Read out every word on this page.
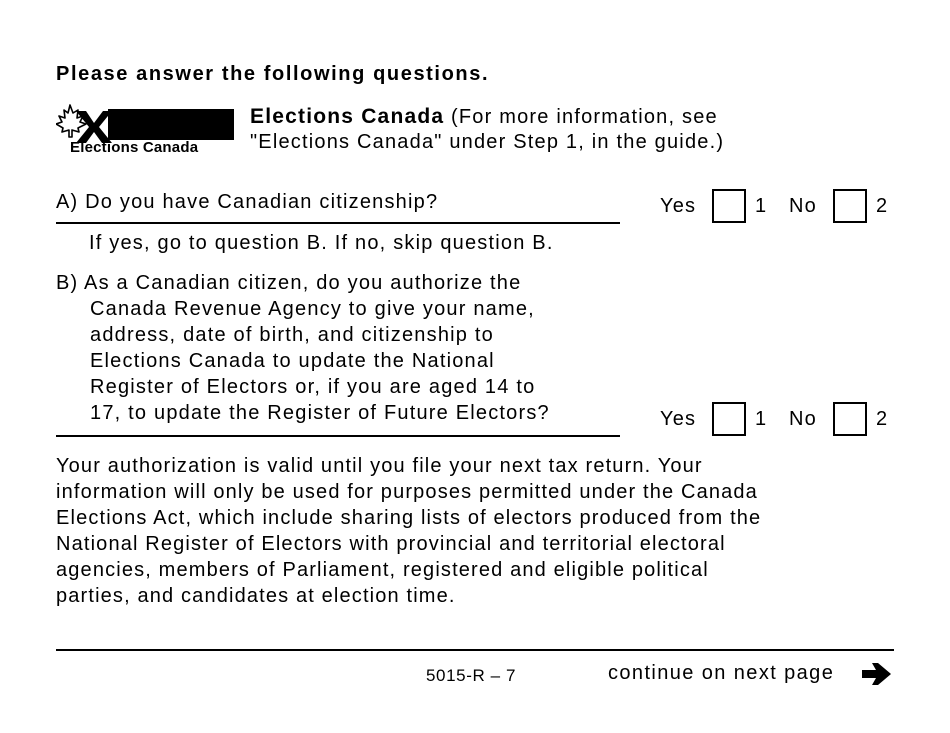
Please answer the following questions.
Elections Canada
Elections Canada (For more information, see
"Elections Canada" under Step 1, in the guide.)
A) Do you have Canadian citizenship?
If yes, go to question B. If no, skip question B.
Yes	1 No	2
B) As a Canadian citizen, do you authorize the
Canada Revenue Agency to give your name,
address, date of birth, and citizenship to
Elections Canada to update the National
Register of Electors or, if you are aged 14 to
17, to update the Register of Future Electors?	Yes	1 No	2
Your authorization is valid until you file your next tax return. Your
information will only be used for purposes permitted under the Canada
Elections Act, which include sharing lists of electors produced from the
National Register of Electors with provincial and territorial electoral
agencies, members of Parliament, registered and eligible political
parties, and candidates at election time.
5015-R – 7	continue on next page
